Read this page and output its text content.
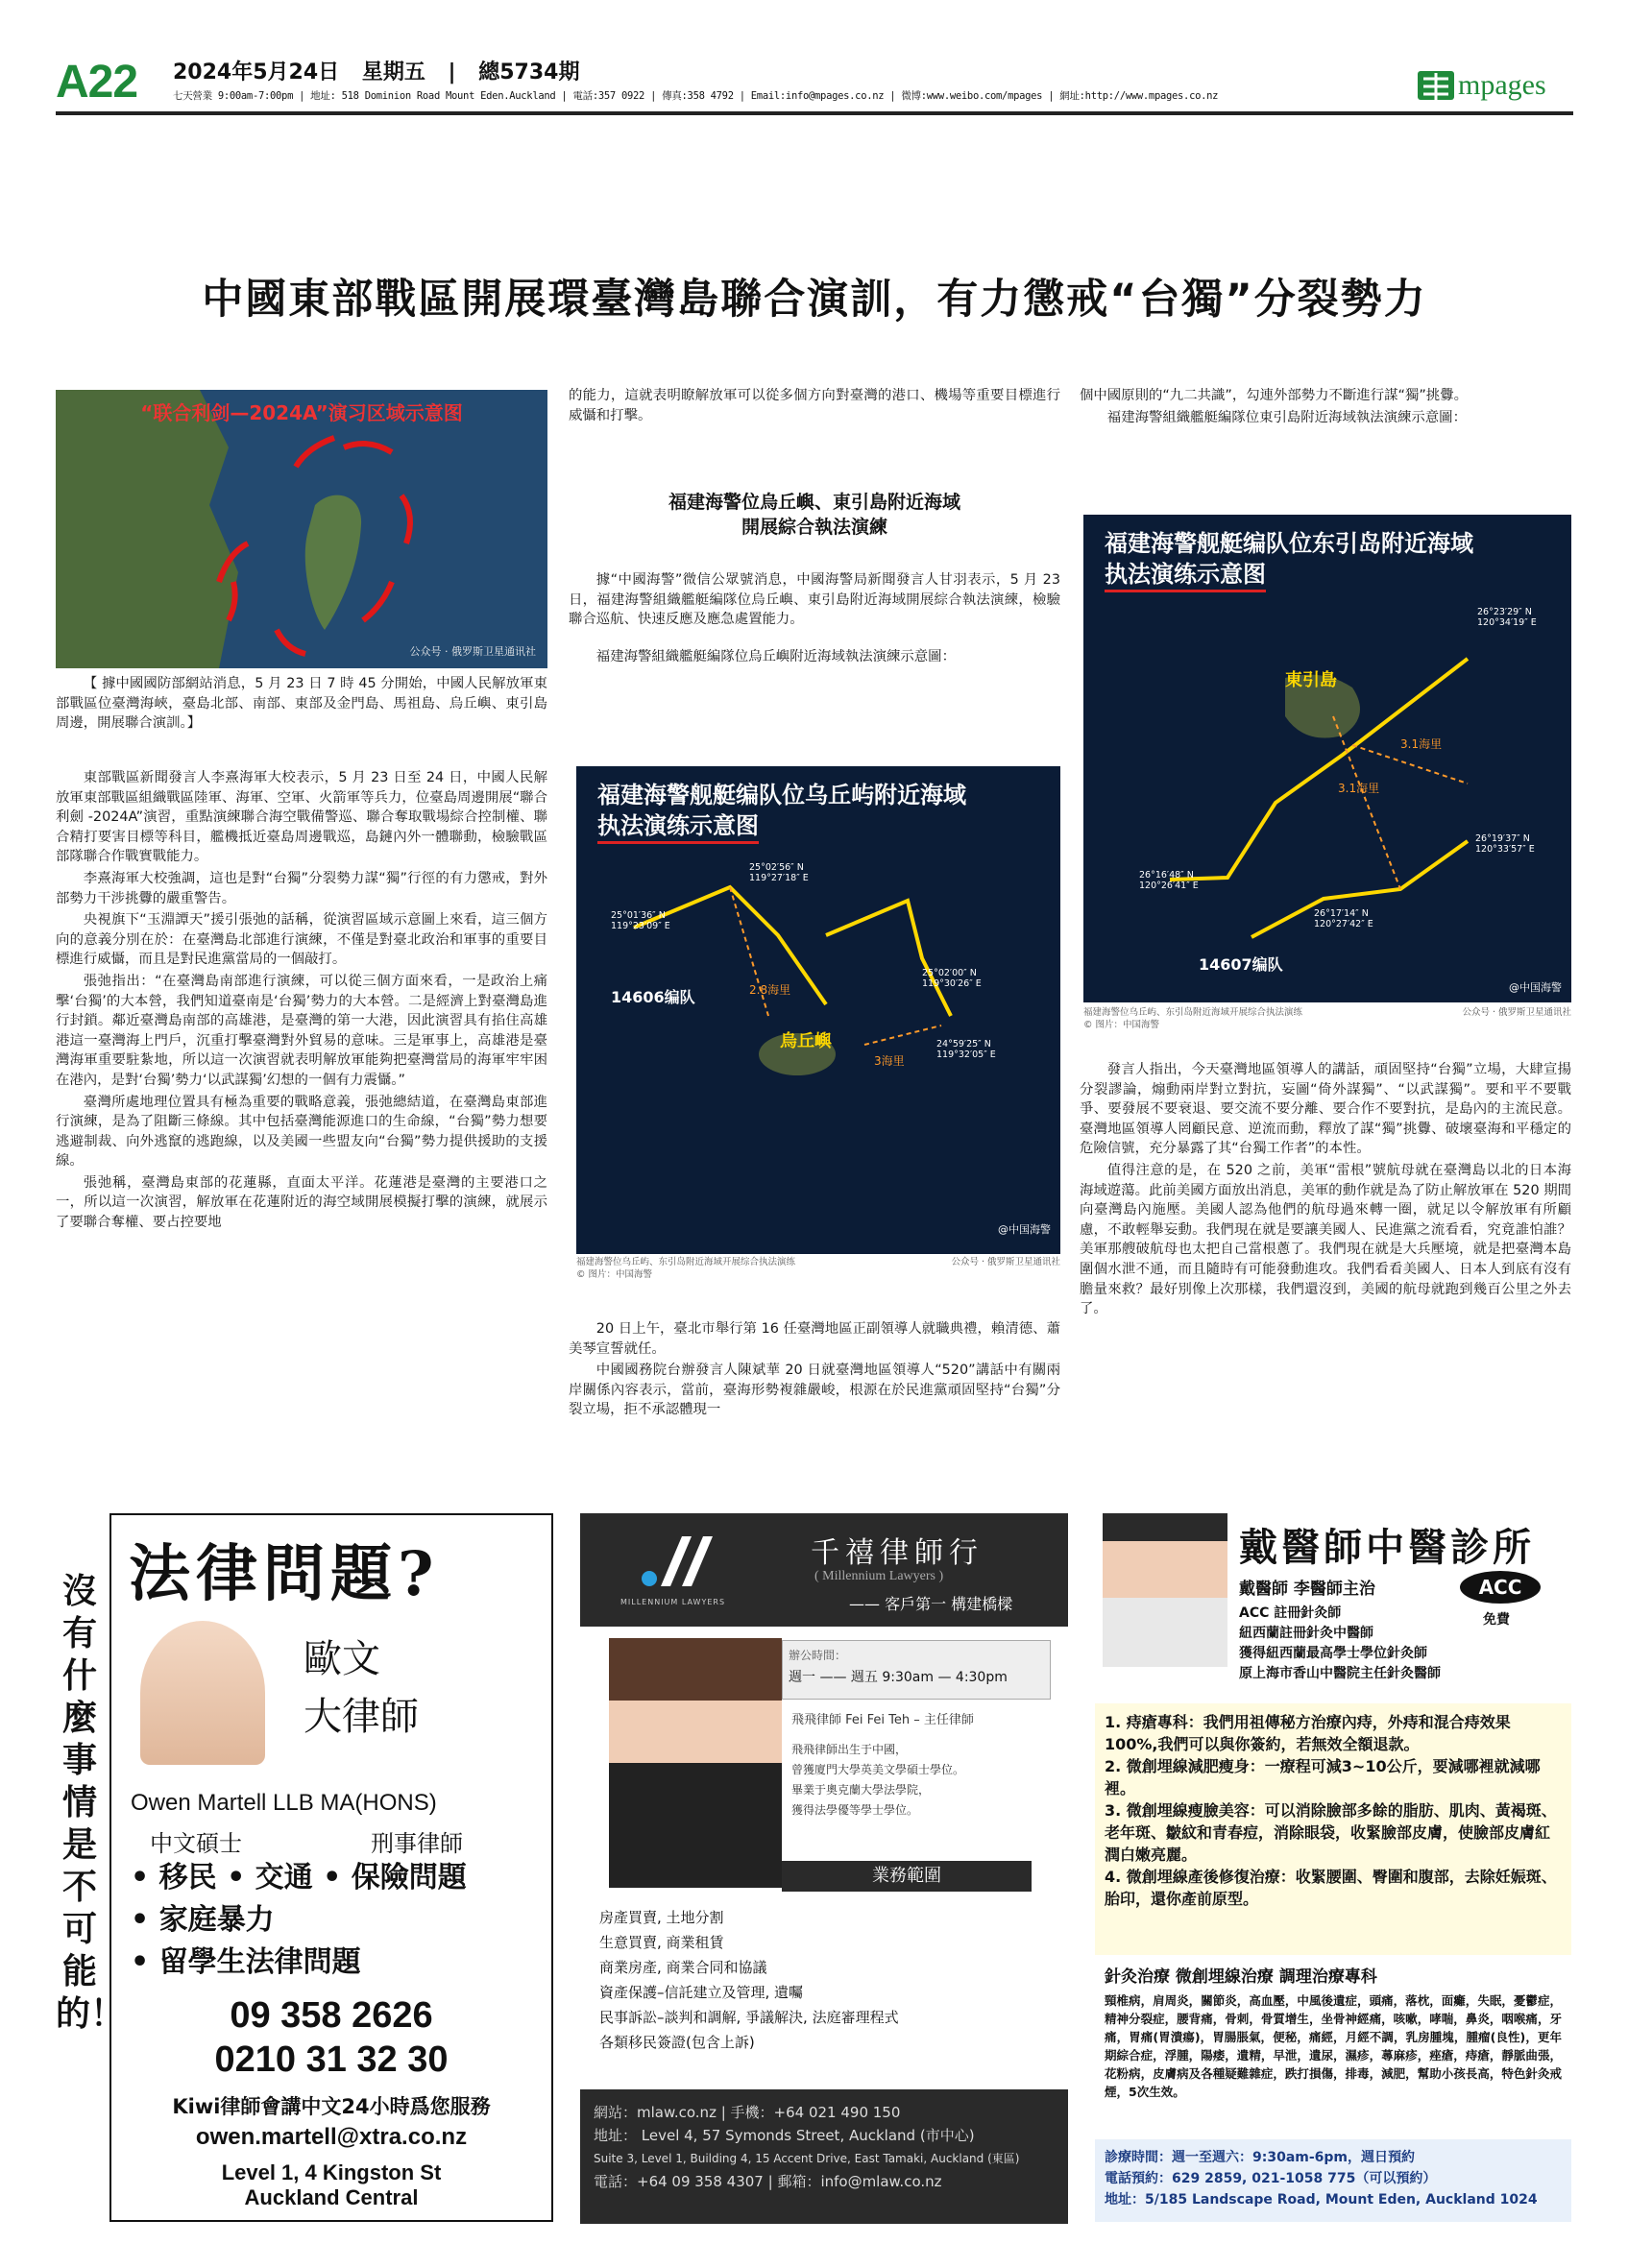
A22 2024年5月24日 星期五 | 總5734期
七天營業 9:00am-7:00pm | 地址: 518 Dominion Road Mount Eden.Auckland | 電話:357 0922 | 傳真:358 4792 | Email:info@mpages.co.nz | 微博:www.weibo.com/mpages | 網址:http://www.mpages.co.nz	mpages
中國東部戰區開展環臺灣島聯合演訓，有力懲戒“台獨”分裂勢力
“联合利剑—2024A”演习区域示意图
公众号 · 俄罗斯卫星通讯社

【 據中國國防部網站消息，5 月 23 日 7 時 45 分開始，中國人民解放軍東部戰區位臺灣海峽，臺島北部、南部、東部及金門島、馬祖島、烏丘嶼、東引島周邊，開展聯合演訓。】

東部戰區新聞發言人李熹海軍大校表示，5 月 23 日至 24 日，中國人民解放軍東部戰區組織戰區陸軍、海軍、空軍、火箭軍等兵力，位臺島周邊開展“聯合利劍 -2024A”演習，重點演練聯合海空戰備警巡、聯合奪取戰場綜合控制權、聯合精打要害目標等科目，艦機抵近臺島周邊戰巡，島鏈內外一體聯動，檢驗戰區部隊聯合作戰實戰能力。

李熹海軍大校強調，這也是對“台獨”分裂勢力謀“獨”行徑的有力懲戒，對外部勢力干涉挑釁的嚴重警告。

央視旗下“玉淵譚天”援引張弛的話稱，從演習區域示意圖上來看，這三個方向的意義分別在於：在臺灣島北部進行演練，不僅是對臺北政治和軍事的重要目標進行威懾，而且是對民進黨當局的一個敲打。

張弛指出：“在臺灣島南部進行演練，可以從三個方面來看，一是政治上痛擊‘台獨’的大本營，我們知道臺南是‘台獨’勢力的大本營。二是經濟上對臺灣島進行封鎖。鄰近臺灣島南部的高雄港，是臺灣的第一大港，因此演習具有掐住高雄港這一臺灣海上門戶，沉重打擊臺灣對外貿易的意味。三是軍事上，高雄港是臺灣海軍重要駐紮地，所以這一次演習就表明解放軍能夠把臺灣當局的海軍牢牢困在港內，是對‘台獨’勢力‘以武謀獨’幻想的一個有力震懾。”

臺灣所處地理位置具有極為重要的戰略意義，張弛總結道，在臺灣島東部進行演練，是為了阻斷三條線。其中包括臺灣能源進口的生命線，“台獨”勢力想要逃避制裁、向外逃竄的逃跑線，以及美國一些盟友向“台獨”勢力提供援助的支援線。

張弛稱，臺灣島東部的花蓮縣，直面太平洋。花蓮港是臺灣的主要港口之一，所以這一次演習，解放軍在花蓮附近的海空域開展模擬打擊的演練，就展示了要聯合奪權、要占控要地

的能力，這就表明瞭解放軍可以從多個方向對臺灣的港口、機場等重要目標進行威懾和打擊。

福建海警位烏丘嶼、東引島附近海域
開展綜合執法演練

據“中國海警”微信公眾號消息，中國海警局新聞發言人甘羽表示，5 月 23 日，福建海警組織艦艇編隊位烏丘嶼、東引島附近海域開展綜合執法演練，檢驗聯合巡航、快速反應及應急處置能力。

福建海警組織艦艇編隊位烏丘嶼附近海域執法演練示意圖：

福建海警舰艇编队位乌丘屿附近海域
执法演练示意图
烏丘嶼
14606编队
25°01′36″ N
119°23′09″ E
25°02′56″ N
119°27′18″ E
25°02′00″ N
119°30′26″ E
24°59′25″ N
119°32′05″ E
2.8海里
3海里
@中国海警
福建海警位乌丘屿、东引岛附近海域开展综合执法演练	公众号 · 俄罗斯卫星通讯社
© 图片：中国海警

20 日上午，臺北市舉行第 16 任臺灣地區正副領導人就職典禮，賴清德、蕭美琴宣誓就任。

中國國務院台辦發言人陳斌華 20 日就臺灣地區領導人“520”講話中有關兩岸關係內容表示，當前，臺海形勢複雜嚴峻，根源在於民進黨頑固堅持“台獨”分裂立場，拒不承認體現一

個中國原則的“九二共識”，勾連外部勢力不斷進行謀“獨”挑釁。

福建海警組織艦艇編隊位東引島附近海域執法演練示意圖：

福建海警舰艇编队位东引岛附近海域
执法演练示意图
東引島
14607编队
26°23′29″ N
120°34′19″ E
26°19′37″ N
120°33′57″ E
26°16′48″ N
120°26′41″ E
26°17′14″ N
120°27′42″ E
3.1海里
3.1海里
@中国海警
福建海警位乌丘屿、东引岛附近海域开展综合执法演练	公众号 · 俄罗斯卫星通讯社
© 图片：中国海警

發言人指出，今天臺灣地區領導人的講話，頑固堅持“台獨”立場，大肆宣揚分裂謬論，煽動兩岸對立對抗，妄圖“倚外謀獨”、“以武謀獨”。要和平不要戰爭、要發展不要衰退、要交流不要分離、要合作不要對抗，是島內的主流民意。臺灣地區領導人罔顧民意、逆流而動，釋放了謀“獨”挑釁、破壞臺海和平穩定的危險信號，充分暴露了其“台獨工作者”的本性。

值得注意的是，在 520 之前，美軍“雷根”號航母就在臺灣島以北的日本海海域遊蕩。此前美國方面放出消息，美軍的動作就是為了防止解放軍在 520 期間向臺灣島內施壓。美國人認為他們的航母過來轉一圈，就足以令解放軍有所顧慮，不敢輕舉妄動。我們現在就是要讓美國人、民進黨之流看看，究竟誰怕誰？美軍那艘破航母也太把自己當根蔥了。我們現在就是大兵壓境，就是把臺灣本島圍個水泄不通，而且隨時有可能發動進攻。我們看看美國人、日本人到底有沒有膽量來救？最好別像上次那樣，我們還沒到，美國的航母就跑到幾百公里之外去了。

沒有什麼事情是不可能的！
法律問題?
歐文
大律師
Owen Martell LLB MA(HONS)
中文碩士	刑事律師
• 移民 • 交通 • 保險問題
• 家庭暴力
• 留學生法律問題
09 358 2626
0210 31 32 30
Kiwi律師會講中文24小時爲您服務
owen.martell@xtra.co.nz
Level 1, 4 Kingston St
Auckland Central
MILLENNIUM LAWYERS
千禧律師行
( Millennium Lawyers )
—— 客戶第一 構建橋樑
辦公時間：
週一 —— 週五 9:30am — 4:30pm
飛飛律師 Fei Fei Teh – 主任律師
飛飛律師出生于中國，
曾獲廈門大學英美文學碩士學位。
畢業于奧克蘭大學法學院，
獲得法學優等學士學位。
業務範圍
房產買賣, 土地分割
生意買賣, 商業租賃
商業房產, 商業合同和協議
資產保護–信託建立及管理, 遺囑
民事訴訟–談判和調解, 爭議解決, 法庭審理程式
各類移民簽證(包含上訴)
網站：mlaw.co.nz | 手機：+64 021 490 150
地址： Level 4, 57 Symonds Street, Auckland (市中心)
Suite 3, Level 1, Building 4, 15 Accent Drive, East Tamaki, Auckland (東區)
電話：+64 09 358 4307 | 郵箱：info@mlaw.co.nz
戴醫師中醫診所
戴醫師 李醫師主治	ACC
免費
ACC 註冊針灸師
紐西蘭註冊針灸中醫師
獲得紐西蘭最高學士學位針灸師
原上海市香山中醫院主任針灸醫師
1. 痔瘡專科：我們用祖傳秘方治療內痔，外痔和混合痔效果100%,我們可以與你簽約，若無效全額退款。
2. 微創埋線減肥瘦身：一療程可減3~10公斤，要減哪裡就減哪裡。
3. 微創埋線瘦臉美容：可以消除臉部多餘的脂肪、肌肉、黃褐斑、老年斑、皺紋和青春痘，消除眼袋，收緊臉部皮膚，使臉部皮膚紅潤白嫩亮麗。
4. 微創埋線產後修復治療：收緊腰圍、臀圍和腹部，去除妊娠斑、胎印，還你產前原型。
針灸治療 微創埋線治療 調理治療專科
頸椎病，肩周炎，關節炎，高血壓，中風後遺症，頭痛，落枕，面癱，失眠，憂鬱症，精神分裂症，腰背痛，骨刺，骨質增生，坐骨神經痛，咳嗽，哮喘，鼻炎，咽喉痛，牙痛，胃痛(胃潰瘍)，胃腸脹氣，便秘，痛經，月經不調，乳房腫塊，腫瘤(良性)，更年期綜合症，浮腫，陽痿，遺精，早泄，遺尿，濕疹，蕁麻疹，痤瘡，痔瘡，靜脈曲張，花粉病，皮膚病及各種疑難雜症，跌打損傷，排毒，減肥，幫助小孩長高，特色針灸戒煙，5次生效。
診療時間：週一至週六：9:30am-6pm，週日預約
電話預約：629 2859, 021-1058 775（可以預約）
地址：5/185 Landscape Road, Mount Eden, Auckland 1024
